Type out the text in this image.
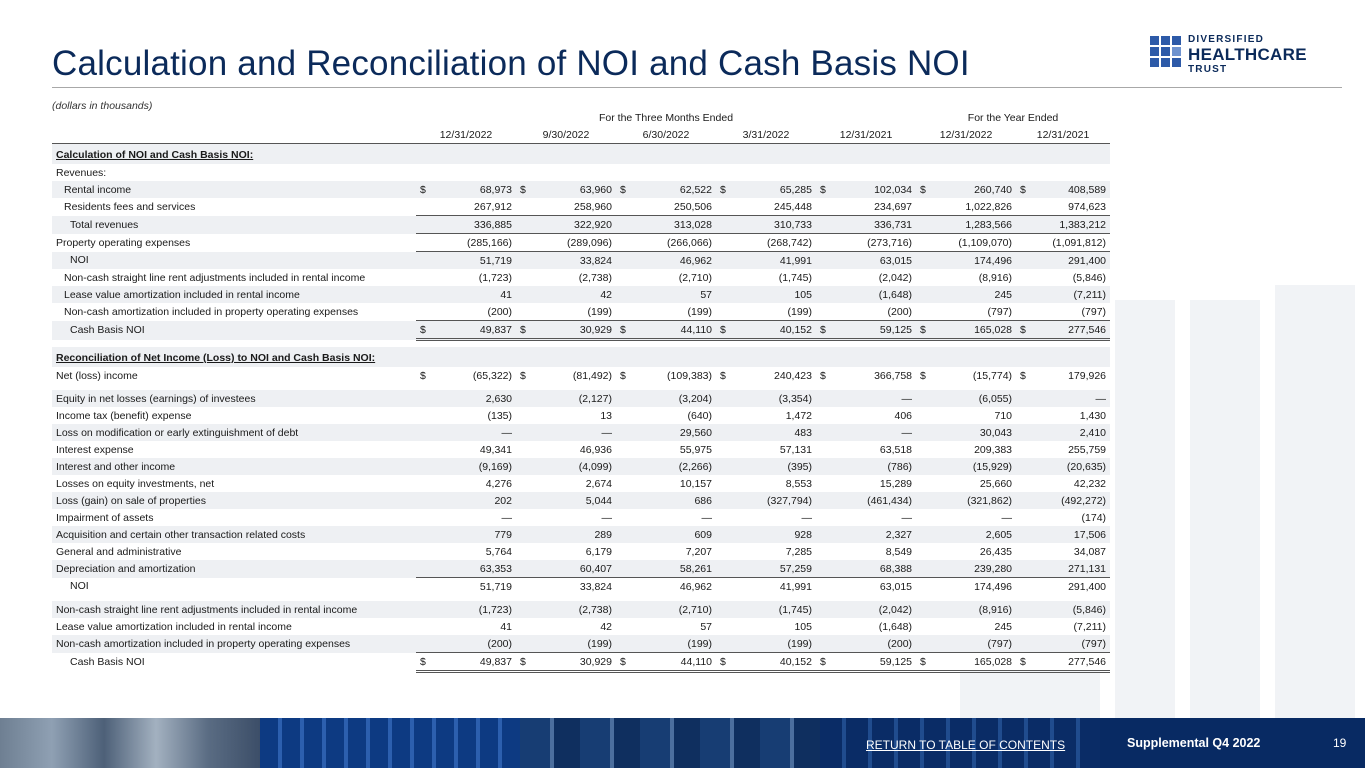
Calculation and Reconciliation of NOI and Cash Basis NOI
DIVERSIFIED
HEALTHCARE
TRUST
(dollars in thousands)
	For the Three Months Ended										For the Year Ended			
	12/31/2022		9/30/2022		6/30/2022		3/31/2022		12/31/2021		12/31/2022		12/31/2021	
Calculation of NOI and Cash Basis NOI:														
Revenues:														
Rental income	$	68,973	$	63,960	$	62,522	$	65,285	$	102,034	$	260,740	$	408,589
Residents fees and services		267,912		258,960		250,506		245,448		234,697		1,022,826		974,623
Total revenues		336,885		322,920		313,028		310,733		336,731		1,283,566		1,383,212
Property operating expenses		(285,166)		(289,096)		(266,066)		(268,742)		(273,716)		(1,109,070)		(1,091,812)
NOI		51,719		33,824		46,962		41,991		63,015		174,496		291,400
Non-cash straight line rent adjustments included in rental income		(1,723)		(2,738)		(2,710)		(1,745)		(2,042)		(8,916)		(5,846)
Lease value amortization included in rental income		41		42		57		105		(1,648)		245		(7,211)
Non-cash amortization included in property operating expenses		(200)		(199)		(199)		(199)		(200)		(797)		(797)
Cash Basis NOI	$	49,837	$	30,929	$	44,110	$	40,152	$	59,125	$	165,028	$	277,546

Reconciliation of Net Income (Loss) to NOI and Cash Basis NOI:														
Net (loss) income	$	(65,322)	$	(81,492)	$	(109,383)	$	240,423	$	366,758	$	(15,774)	$	179,926

Equity in net losses (earnings) of investees		2,630		(2,127)		(3,204)		(3,354)		—		(6,055)		—
Income tax (benefit) expense		(135)		13		(640)		1,472		406		710		1,430
Loss on modification or early extinguishment of debt		—		—		29,560		483		—		30,043		2,410
Interest expense		49,341		46,936		55,975		57,131		63,518		209,383		255,759
Interest and other income		(9,169)		(4,099)		(2,266)		(395)		(786)		(15,929)		(20,635)
Losses on equity investments, net		4,276		2,674		10,157		8,553		15,289		25,660		42,232
Loss (gain) on sale of properties		202		5,044		686		(327,794)		(461,434)		(321,862)		(492,272)
Impairment of assets		—		—		—		—		—		—		(174)
Acquisition and certain other transaction related costs		779		289		609		928		2,327		2,605		17,506
General and administrative		5,764		6,179		7,207		7,285		8,549		26,435		34,087
Depreciation and amortization		63,353		60,407		58,261		57,259		68,388		239,280		271,131
NOI		51,719		33,824		46,962		41,991		63,015		174,496		291,400

Non-cash straight line rent adjustments included in rental income		(1,723)		(2,738)		(2,710)		(1,745)		(2,042)		(8,916)		(5,846)
Lease value amortization included in rental income		41		42		57		105		(1,648)		245		(7,211)
Non-cash amortization included in property operating expenses		(200)		(199)		(199)		(199)		(200)		(797)		(797)
Cash Basis NOI	$	49,837	$	30,929	$	44,110	$	40,152	$	59,125	$	165,028	$	277,546
RETURN TO TABLE OF CONTENTS	Supplemental Q4 2022	19
